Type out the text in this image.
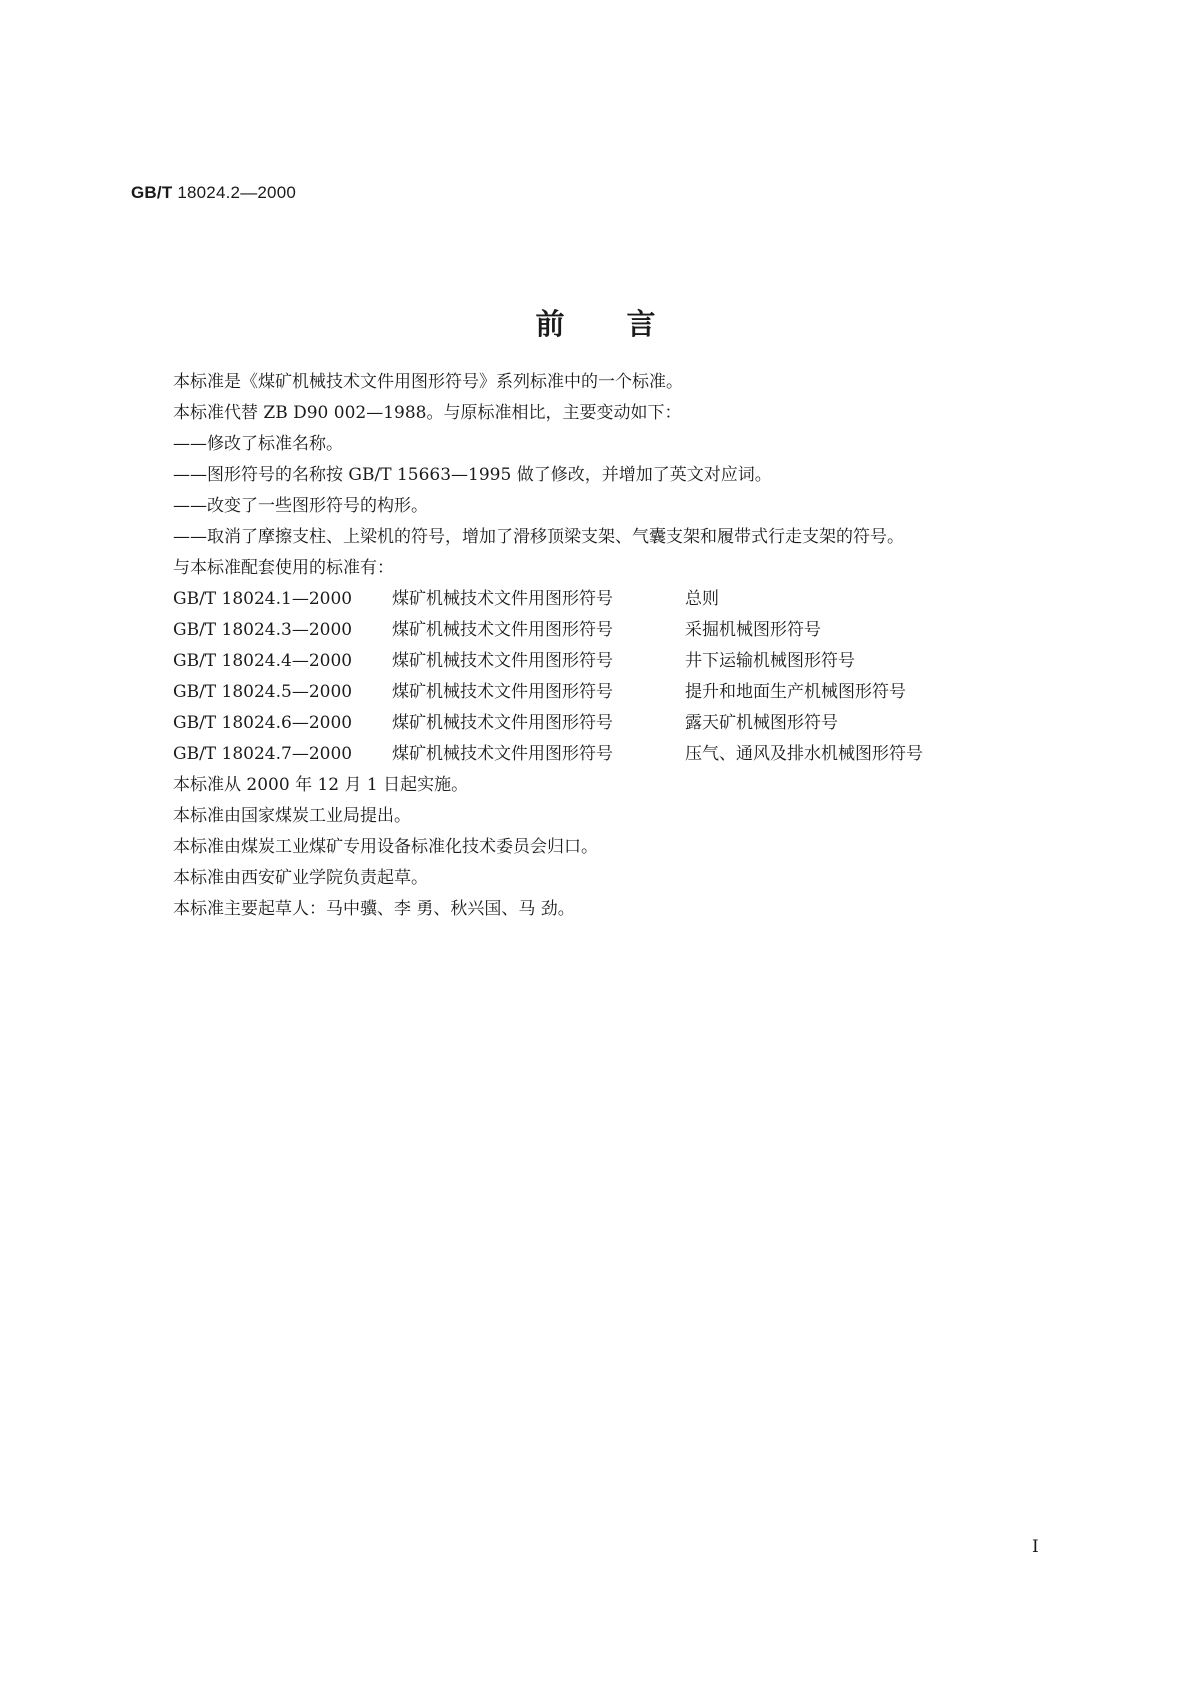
GB/T 18024.2—2000
前言
本标准是《煤矿机械技术文件用图形符号》系列标准中的一个标准。
本标准代替 ZB D90 002—1988。与原标准相比，主要变动如下：
——修改了标准名称。
——图形符号的名称按 GB/T 15663—1995 做了修改，并增加了英文对应词。
——改变了一些图形符号的构形。
——取消了摩擦支柱、上梁机的符号，增加了滑移顶梁支架、气囊支架和履带式行走支架的符号。
与本标准配套使用的标准有：
GB/T 18024.1—2000	煤矿机械技术文件用图形符号	总则
GB/T 18024.3—2000	煤矿机械技术文件用图形符号	采掘机械图形符号
GB/T 18024.4—2000	煤矿机械技术文件用图形符号	井下运输机械图形符号
GB/T 18024.5—2000	煤矿机械技术文件用图形符号	提升和地面生产机械图形符号
GB/T 18024.6—2000	煤矿机械技术文件用图形符号	露天矿机械图形符号
GB/T 18024.7—2000	煤矿机械技术文件用图形符号	压气、通风及排水机械图形符号
本标准从 2000 年 12 月 1 日起实施。
本标准由国家煤炭工业局提出。
本标准由煤炭工业煤矿专用设备标准化技术委员会归口。
本标准由西安矿业学院负责起草。
本标准主要起草人：马中骥、李 勇、秋兴国、马 劲。
I
